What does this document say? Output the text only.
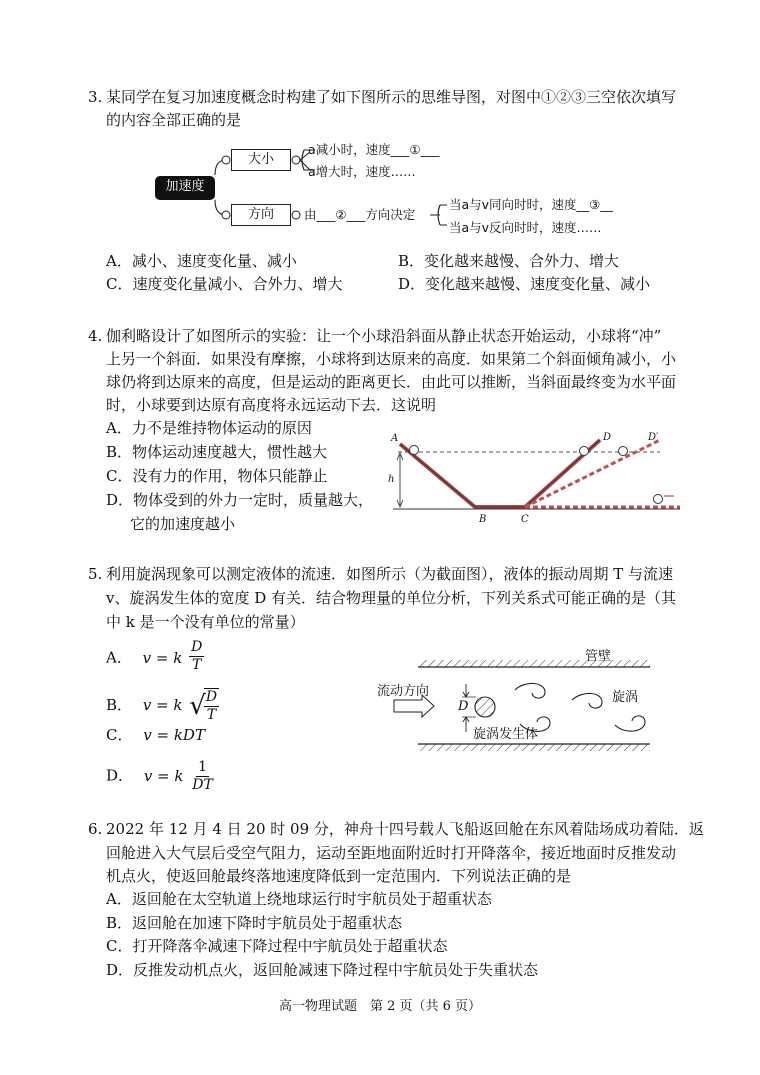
3. 某同学在复习加速度概念时构建了如下图所示的思维导图，对图中①②③三空依次填写
的内容全部正确的是
加速度
大小
a减小时，速度___①___
a增大时，速度……
方向	由___②___方向决定
当a与v同向时时，速度__③__
当a与v反向时时，速度……
A．减小、速度变化量、减小	B．变化越来越慢、合外力、增大
C．速度变化量减小、合外力、增大	D．变化越来越慢、速度变化量、减小
4. 伽利略设计了如图所示的实验：让一个小球沿斜面从静止状态开始运动，小球将“冲”
上另一个斜面．如果没有摩擦，小球将到达原来的高度．如果第二个斜面倾角减小，小
球仍将到达原来的高度，但是运动的距离更长．由此可以推断，当斜面最终变为水平面
时，小球要到达原有高度将永远运动下去．这说明
A．力不是维持物体运动的原因
B．物体运动速度越大，惯性越大
C．没有力的作用，物体只能静止
D．物体受到的外力一定时，质量越大，
它的加速度越小
A
h
B	C
D	D′
5. 利用旋涡现象可以测定液体的流速．如图所示（为截面图），液体的振动周期 T 与流速
v、旋涡发生体的宽度 D 有关．结合物理量的单位分析，下列关系式可能正确的是（其
中 k 是一个没有单位的常量）
A． v = k $\frac{D}{T}$
B． v = k √
$\frac{D}{T}$
C． v = kDT
D． v = k $\frac{1}{DT}$
管壁
流动方向	旋涡
D
旋涡发生体
6. 2022 年 12 月 4 日 20 时 09 分，神舟十四号载人飞船返回舱在东风着陆场成功着陆．返
回舱进入大气层后受空气阻力，运动至距地面附近时打开降落伞，接近地面时反推发动
机点火，使返回舱最终落地速度降低到一定范围内．下列说法正确的是
A．返回舱在太空轨道上绕地球运行时宇航员处于超重状态
B．返回舱在加速下降时宇航员处于超重状态
C．打开降落伞减速下降过程中宇航员处于超重状态
D．反推发动机点火，返回舱减速下降过程中宇航员处于失重状态
高一物理试题　第 2 页（共 6 页）
